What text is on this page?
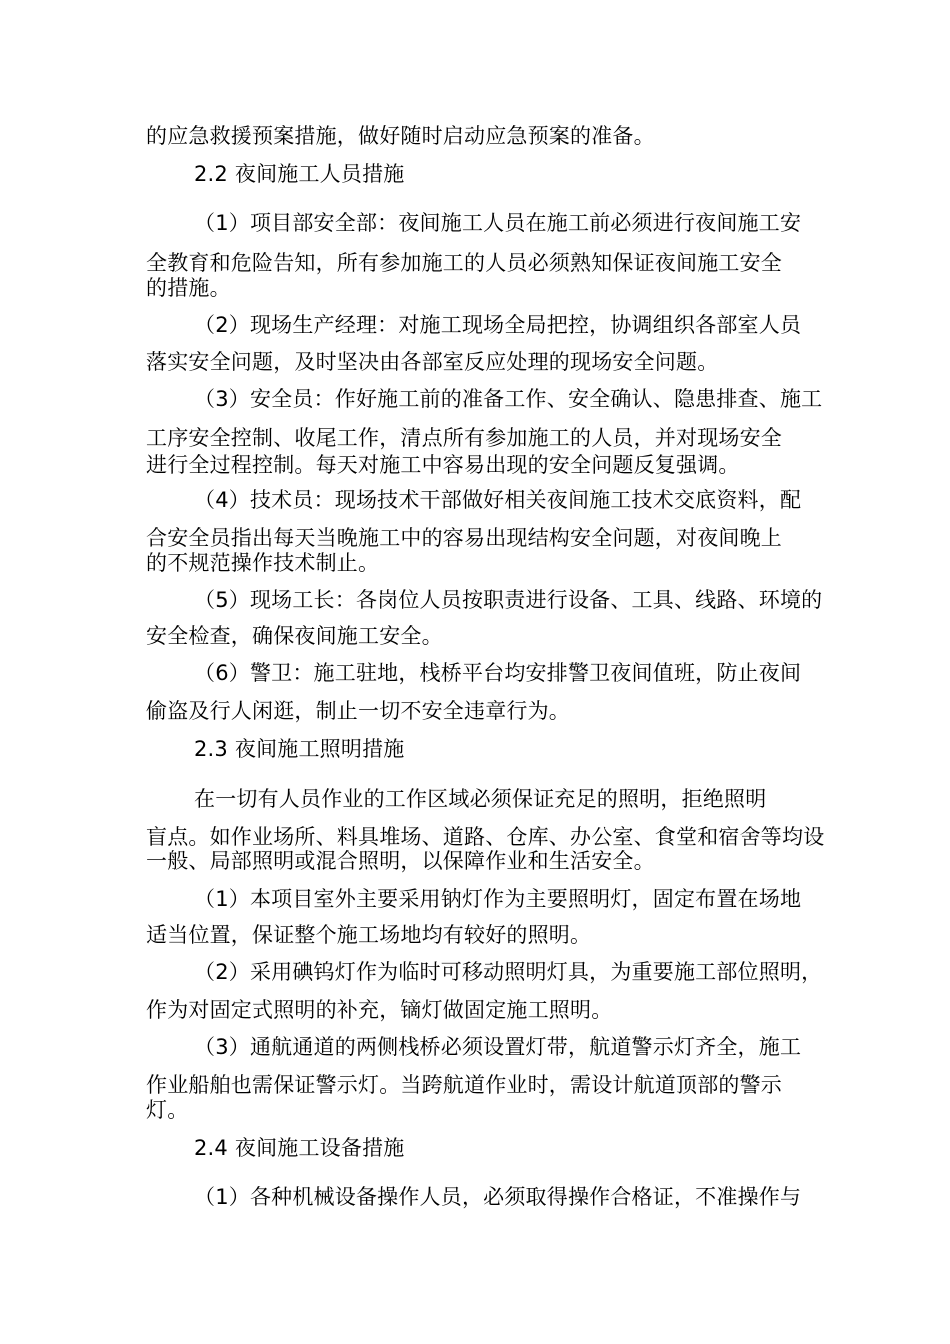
的应急救援预案措施，做好随时启动应急预案的准备。
2.2 夜间施工人员措施
（1）项目部安全部：夜间施工人员在施工前必须进行夜间施工安
全教育和危险告知，所有参加施工的人员必须熟知保证夜间施工安全
的措施。
（2）现场生产经理：对施工现场全局把控，协调组织各部室人员
落实安全问题，及时坚决由各部室反应处理的现场安全问题。
（3）安全员：作好施工前的准备工作、安全确认、隐患排查、施工
工序安全控制、收尾工作，清点所有参加施工的人员，并对现场安全
进行全过程控制。每天对施工中容易出现的安全问题反复强调。
（4）技术员：现场技术干部做好相关夜间施工技术交底资料，配
合安全员指出每天当晚施工中的容易出现结构安全问题，对夜间晚上
的不规范操作技术制止。
（5）现场工长：各岗位人员按职责进行设备、工具、线路、环境的
安全检查，确保夜间施工安全。
（6）警卫：施工驻地，栈桥平台均安排警卫夜间值班，防止夜间
偷盗及行人闲逛，制止一切不安全违章行为。
2.3 夜间施工照明措施
在一切有人员作业的工作区域必须保证充足的照明，拒绝照明
盲点。如作业场所、料具堆场、道路、仓库、办公室、食堂和宿舍等均设
一般、局部照明或混合照明，以保障作业和生活安全。
（1）本项目室外主要采用钠灯作为主要照明灯，固定布置在场地
适当位置，保证整个施工场地均有较好的照明。
（2）采用碘钨灯作为临时可移动照明灯具，为重要施工部位照明，
作为对固定式照明的补充，镝灯做固定施工照明。
（3）通航通道的两侧栈桥必须设置灯带，航道警示灯齐全，施工
作业船舶也需保证警示灯。当跨航道作业时，需设计航道顶部的警示
灯。
2.4 夜间施工设备措施
（1）各种机械设备操作人员，必须取得操作合格证，不准操作与
